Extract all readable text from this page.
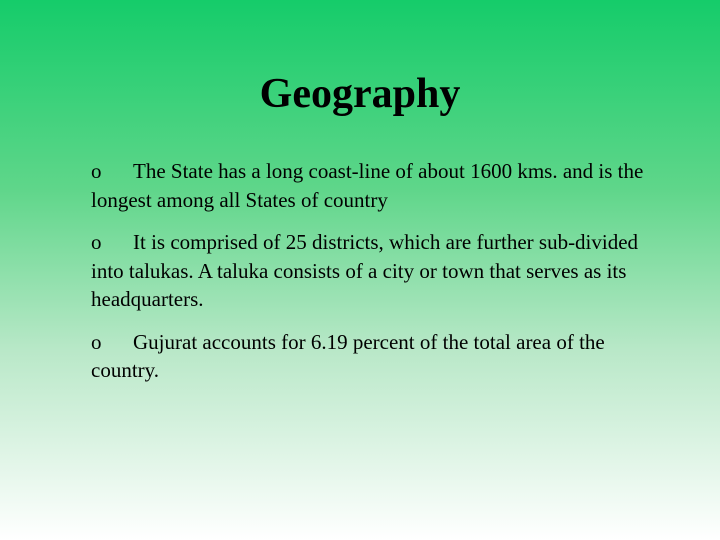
Geography
o The State has a long coast-line of about 1600 kms. and is the longest among all States of country
o It is comprised of 25 districts, which are further sub-divided into talukas. A taluka consists of a city or town that serves as its headquarters.
o Gujurat accounts for 6.19 percent of the total area of the country.
